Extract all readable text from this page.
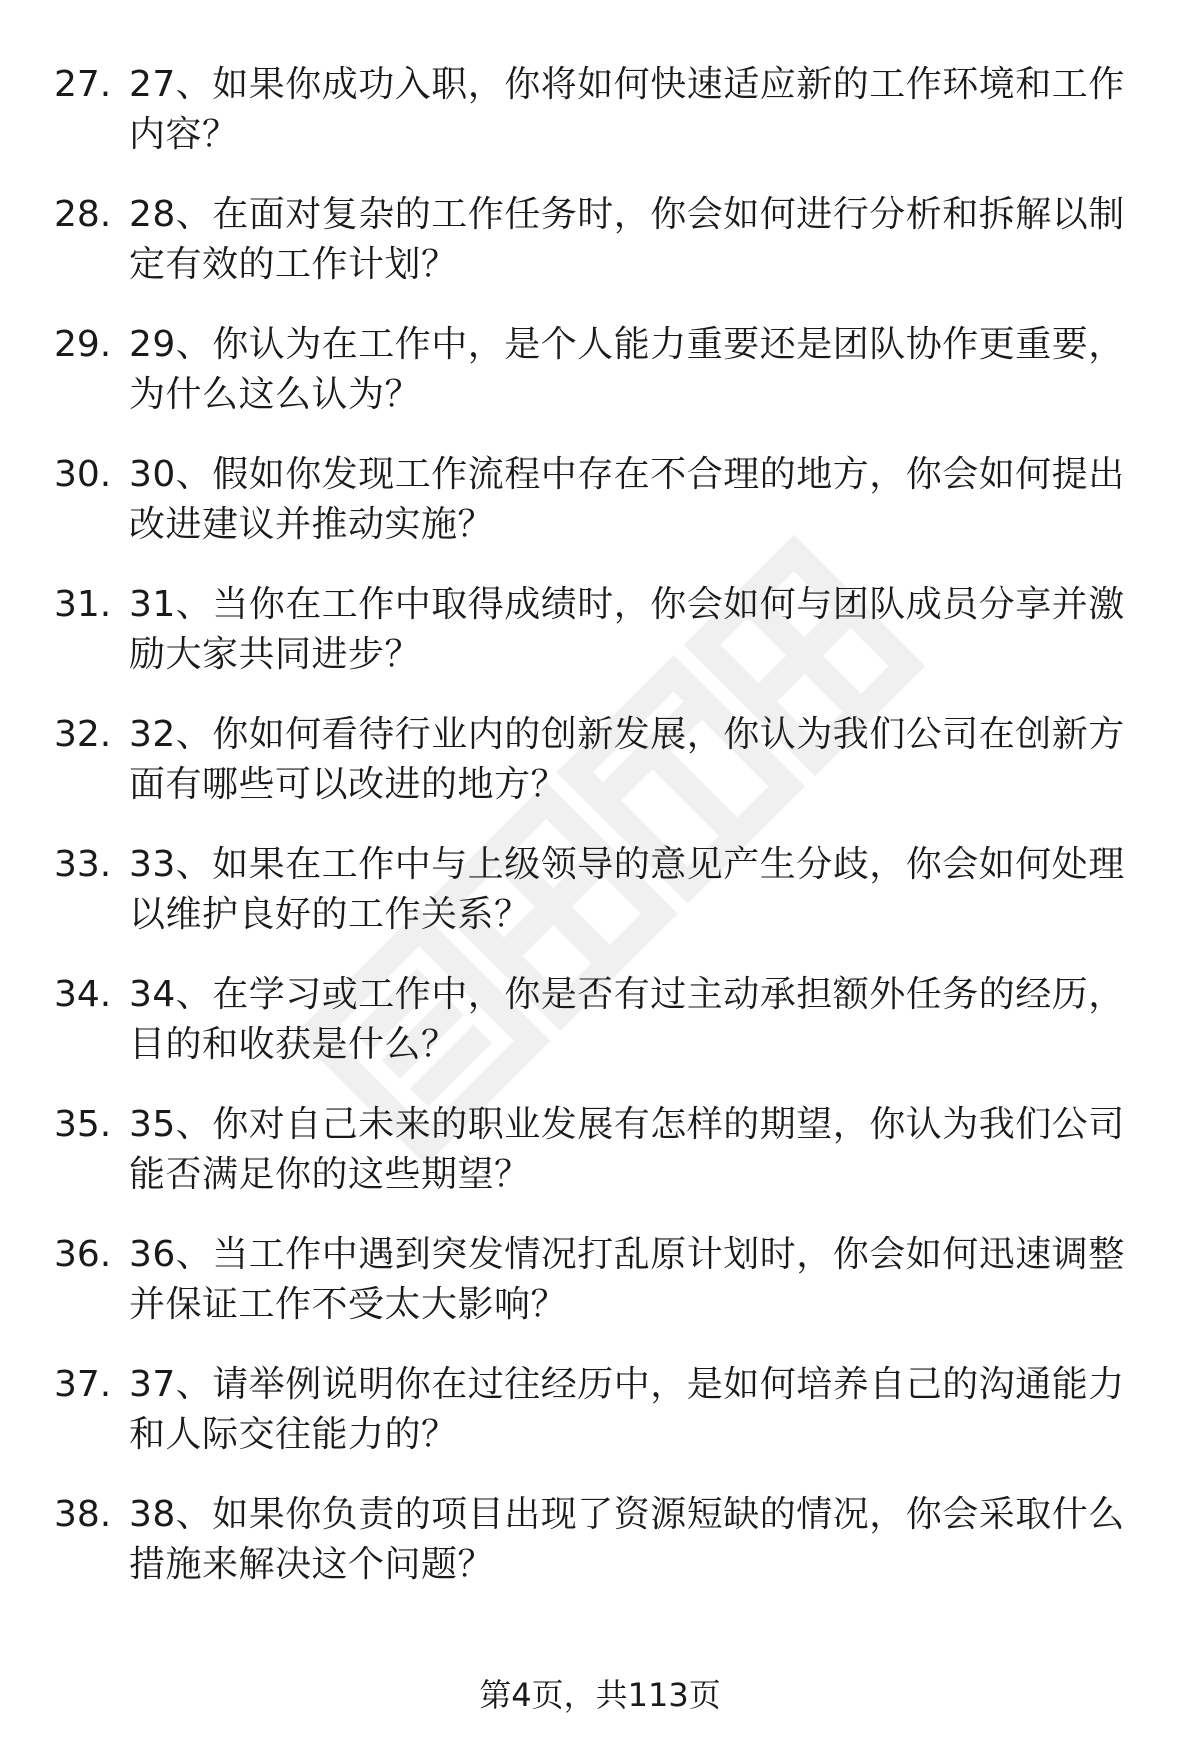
27. 27、如果你成功入职，你将如何快速适应新的工作环境和工作内容？
28. 28、在面对复杂的工作任务时，你会如何进行分析和拆解以制定有效的工作计划？
29. 29、你认为在工作中，是个人能力重要还是团队协作更重要，为什么这么认为？
30. 30、假如你发现工作流程中存在不合理的地方，你会如何提出改进建议并推动实施？
31. 31、当你在工作中取得成绩时，你会如何与团队成员分享并激励大家共同进步？
32. 32、你如何看待行业内的创新发展，你认为我们公司在创新方面有哪些可以改进的地方？
33. 33、如果在工作中与上级领导的意见产生分歧，你会如何处理以维护良好的工作关系？
34. 34、在学习或工作中，你是否有过主动承担额外任务的经历，目的和收获是什么？
35. 35、你对自己未来的职业发展有怎样的期望，你认为我们公司能否满足你的这些期望？
36. 36、当工作中遇到突发情况打乱原计划时，你会如何迅速调整并保证工作不受太大影响？
37. 37、请举例说明你在过往经历中，是如何培养自己的沟通能力和人际交往能力的？
38. 38、如果你负责的项目出现了资源短缺的情况，你会采取什么措施来解决这个问题？
第4页，共113页
